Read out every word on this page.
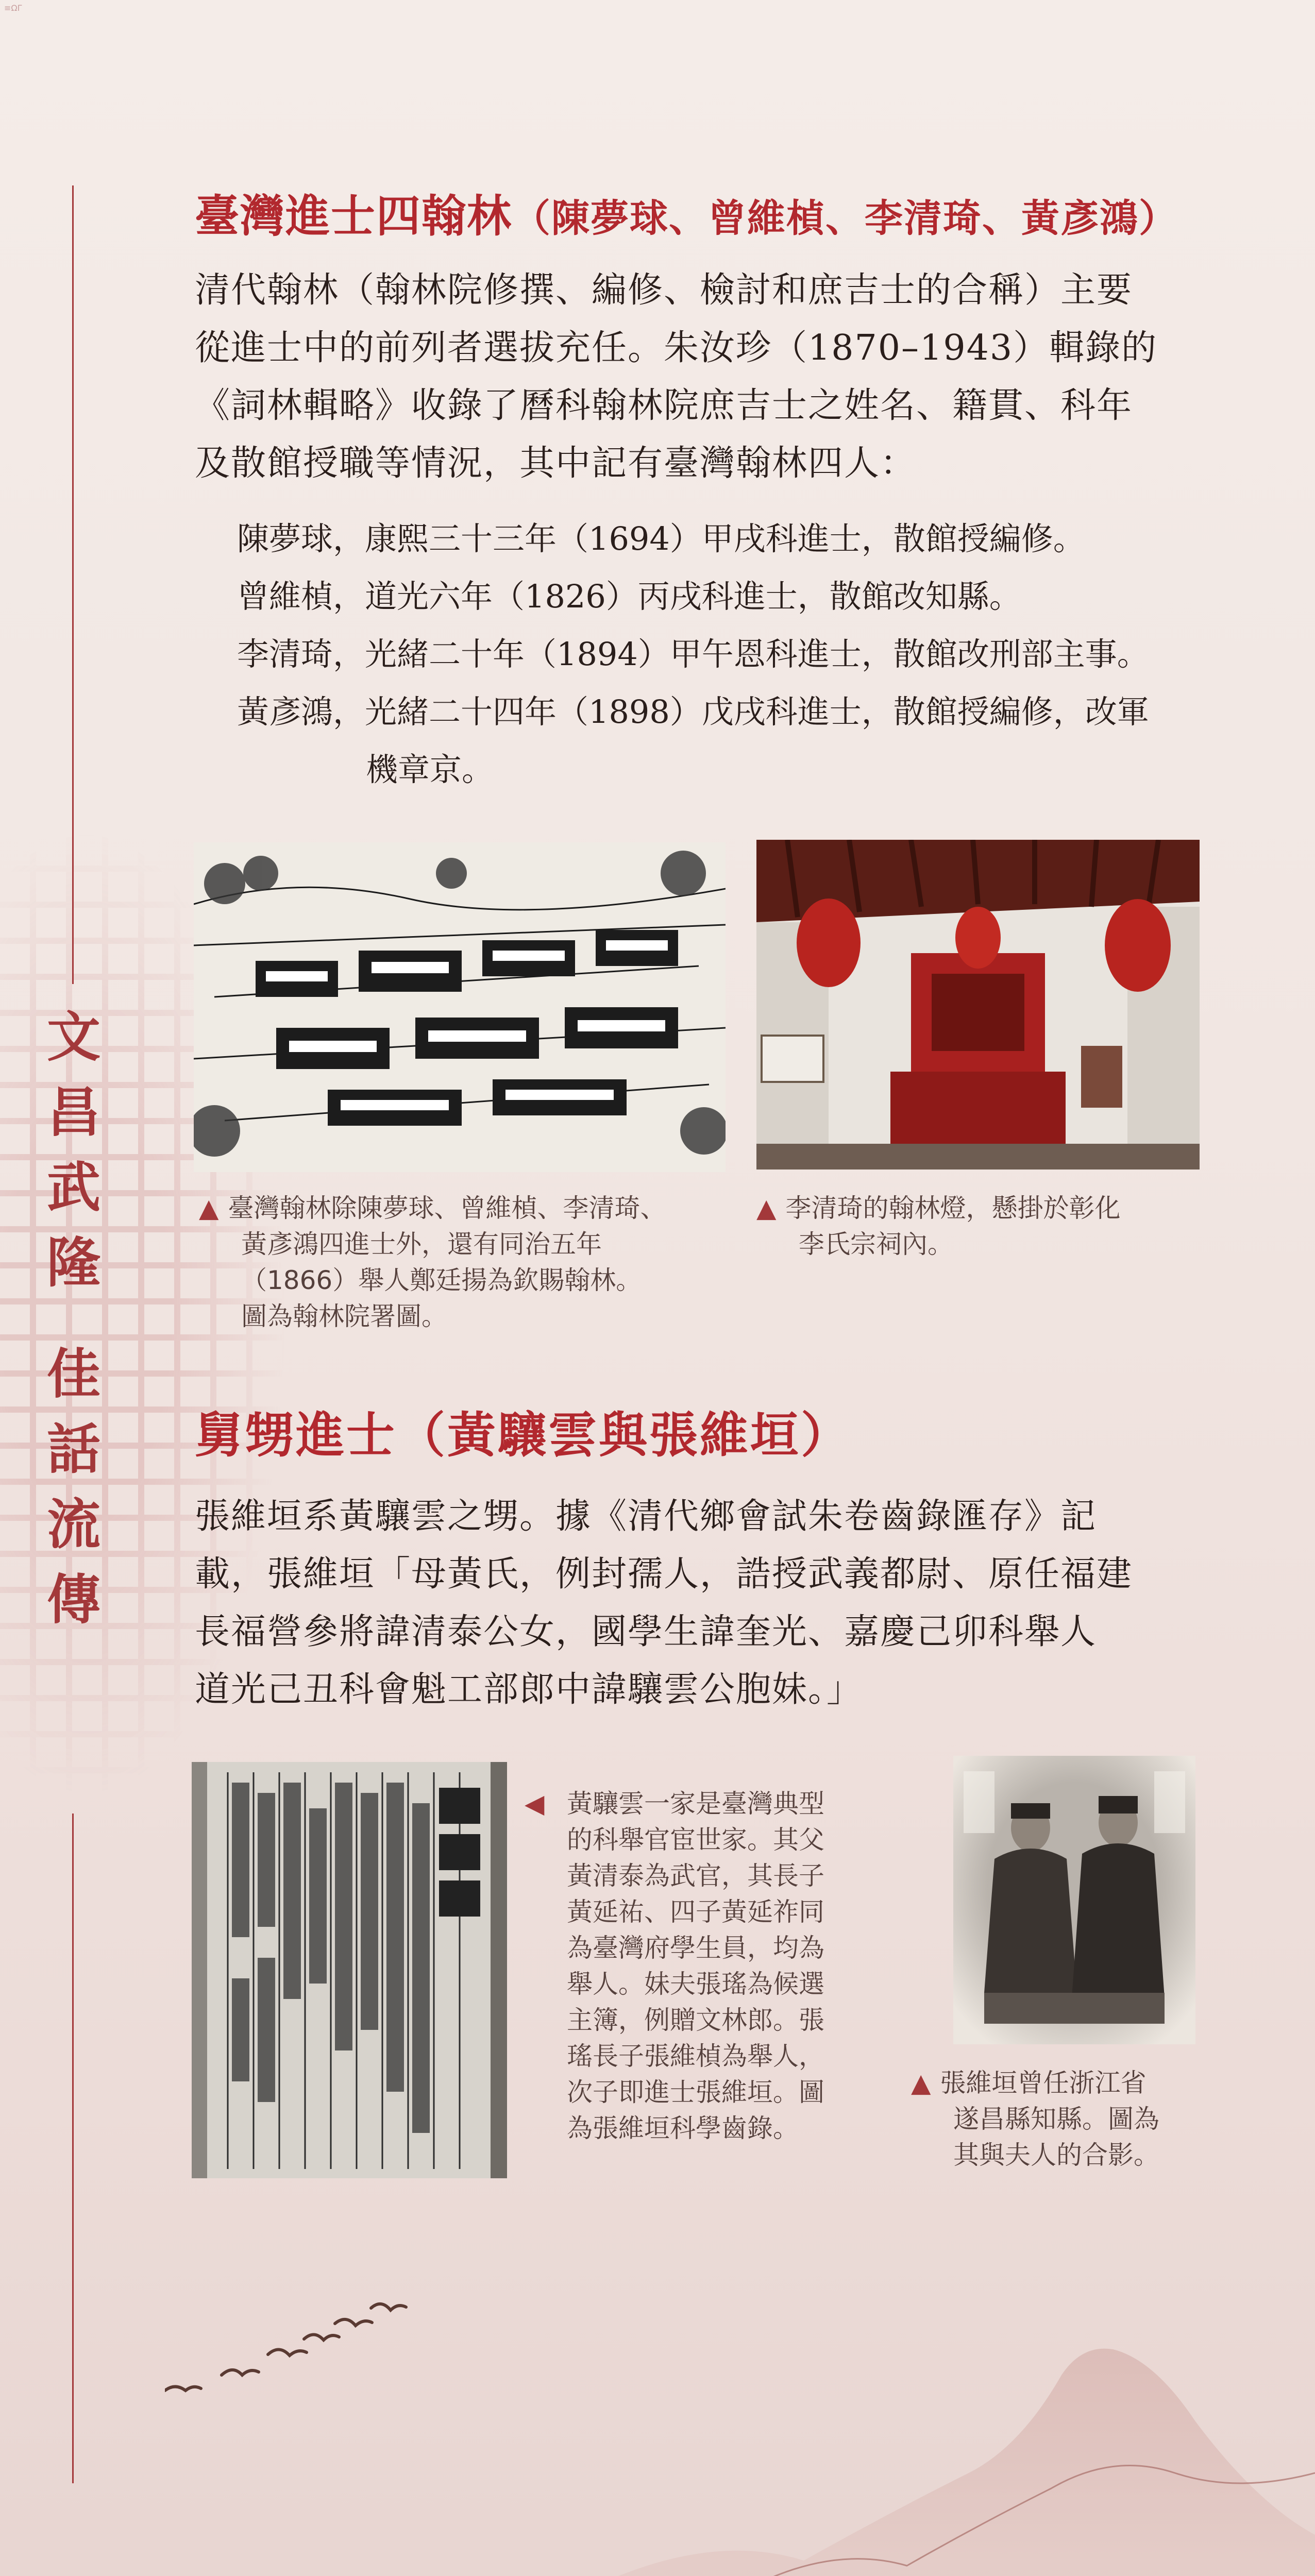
≡ΩΓ
文
昌
武
隆
佳
話
流
傳
臺灣進士四翰林（陳夢球、曾維楨、李清琦、黃彥鴻）

清代翰林（翰林院修撰、編修、檢討和庶吉士的合稱）主要

從進士中的前列者選拔充任。朱汝珍（1870–1943）輯錄的

《詞林輯略》收錄了曆科翰林院庶吉士之姓名、籍貫、科年

及散館授職等情況，其中記有臺灣翰林四人：

陳夢球，康熙三十三年（1694）甲戌科進士，散館授編修。

曾維楨，道光六年（1826）丙戌科進士，散館改知縣。

李清琦，光緒二十年（1894）甲午恩科進士，散館改刑部主事。

黃彥鴻，光緒二十四年（1898）戊戌科進士，散館授編修，改軍

機章京。

▲ 臺灣翰林除陳夢球、曾維楨、李清琦、

黃彥鴻四進士外，還有同治五年

（1866）舉人鄭廷揚為欽賜翰林。

圖為翰林院署圖。

▲ 李清琦的翰林燈，懸掛於彰化

李氏宗祠內。

舅甥進士（黃驤雲與張維垣）

張維垣系黃驤雲之甥。據《清代鄉會試朱卷齒錄匯存》記

載，張維垣「母黃氏，例封孺人，誥授武義都尉、原任福建

長福營參將諱清泰公女，國學生諱奎光、嘉慶己卯科舉人

道光己丑科會魁工部郎中諱驤雲公胞妹。」

◀ 黃驤雲一家是臺灣典型

的科舉官宦世家。其父

黃清泰為武官，其長子

黃延祐、四子黃延祚同

為臺灣府學生員，均為

舉人。妹夫張瑤為候選

主簿，例贈文林郎。張

瑤長子張維楨為舉人，

次子即進士張維垣。圖

為張維垣科學齒錄。

▲ 張維垣曾任浙江省

遂昌縣知縣。圖為

其與夫人的合影。
